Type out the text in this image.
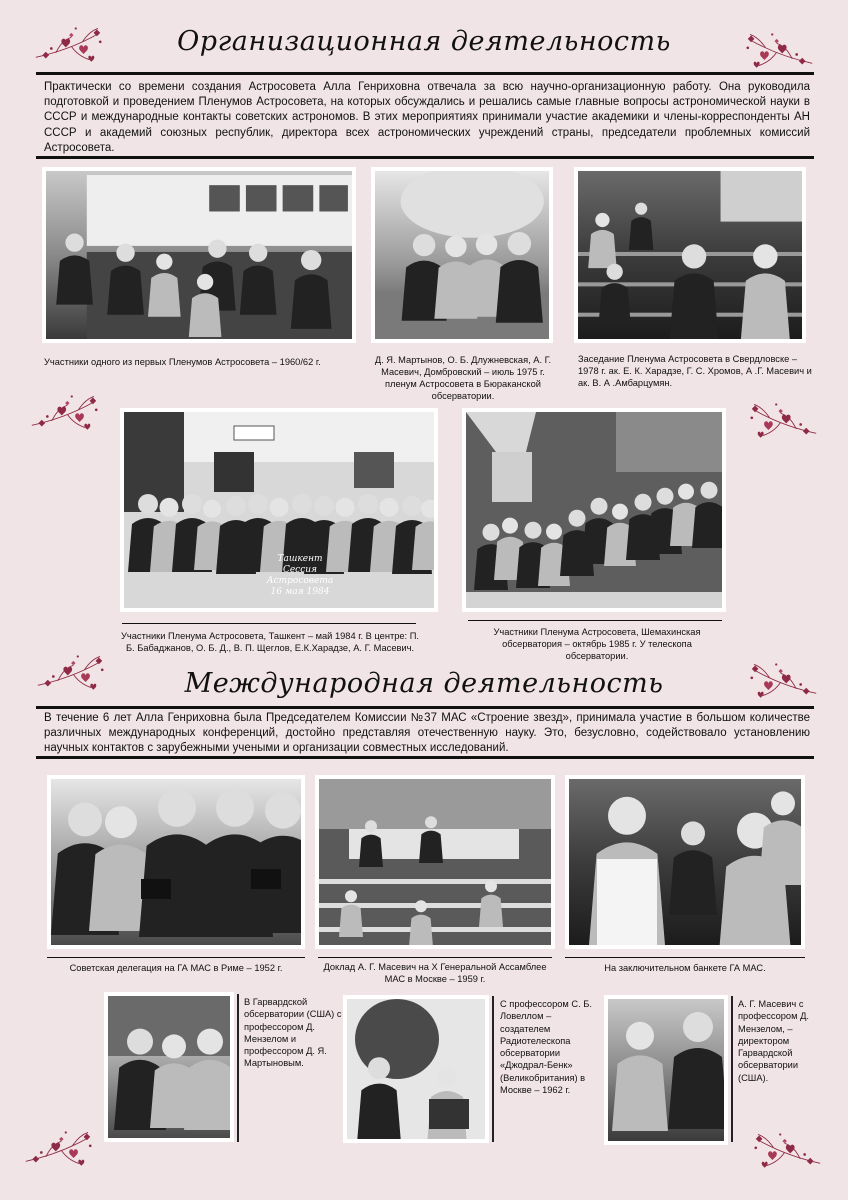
Организационная деятельность
Практически со времени создания Астросовета Алла Генриховна отвечала за всю научно-организационную работу. Она руководила подготовкой и проведением Пленумов Астросовета, на которых обсуждались и решались самые главные вопросы астрономической науки в СССР и международные контакты советских астрономов. В этих мероприятиях принимали участие академики и члены-корреспонденты АН СССР и академий союзных республик, директора всех астрономических учреждений страны, председатели проблемных комиссий Астросовета.
Участники одного из первых Пленумов Астросовета – 1960/62 г.	Д. Я. Мартынов, О. Б. Длужневская, А. Г. Масевич, Домбровский – июль 1975 г. пленум Астросовета в Бюраканской обсерватории.
Заседание Пленума Астросовета в Свердловске – 1978 г. ак. Е. К. Харадзе, Г. С. Хромов, А .Г. Масевич и ак. В. А .Амбарцумян.
Ташкент Сессия Астросовета 16 мая 1984
Участники Пленума Астросовета, Ташкент – май 1984 г. В центре: П. Б. Бабаджанов, О. Б. Д., В. П. Щеглов, Е.К.Харадзе, А. Г. Масевич.
Участники Пленума Астросовета, Шемахинская обсерватория – октябрь 1985 г. У телескопа обсерватории.
Международная деятельность
В течение 6 лет Алла Генриховна была Председателем Комиссии №37 МАС «Строение звезд», принимала участие в большом количестве различных международных конференций, достойно представляя отечественную науку. Это, безусловно, содействовало установлению научных контактов с зарубежными учеными и организации совместных исследований.
Советская делегация на ГА МАС в Риме – 1952 г.	Доклад А. Г. Масевич на X Генеральной Ассамблее МАС в Москве – 1959 г.
На заключительном банкете ГА МАС.
В Гарвардской обсерватории (США) с профессором Д. Мензелом и профессором Д. Я. Мартыновым.
С профессором С. Б. Ловеллом – создателем Радиотелескопа обсерватории «Джодрал-Бенк» (Великобритания) в Москве – 1962 г.
А. Г. Масевич с профессором Д. Мензелом, – директором Гарвардской обсерватории (США).
